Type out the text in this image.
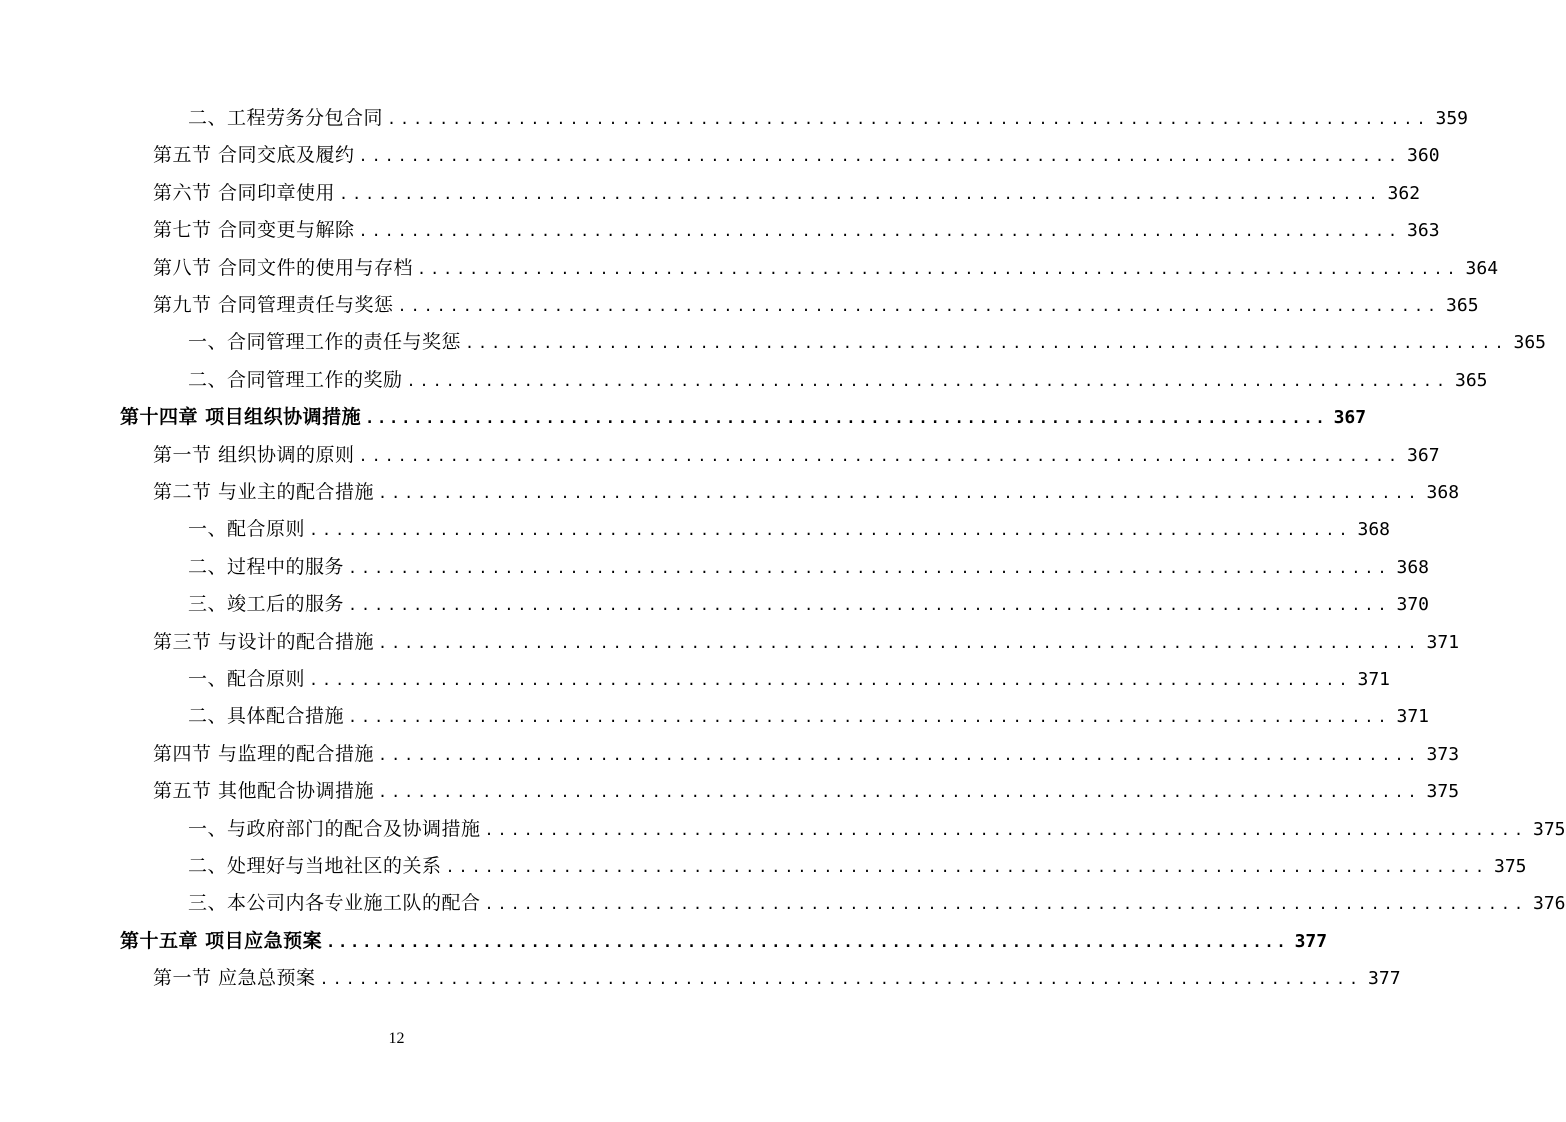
二、工程劳务分包合同 ................................................................................ 359
第五节 合同交底及履约 ................................................................................ 360
第六节 合同印章使用 ................................................................................ 362
第七节 合同变更与解除 ................................................................................ 363
第八节 合同文件的使用与存档 ................................................................................ 364
第九节 合同管理责任与奖惩 ................................................................................ 365
一、合同管理工作的责任与奖惩 ................................................................................ 365
二、合同管理工作的奖励 ................................................................................ 365
第十四章 项目组织协调措施 ................................................................................ 367
第一节 组织协调的原则 ................................................................................ 367
第二节 与业主的配合措施 ................................................................................ 368
一、配合原则 ................................................................................ 368
二、过程中的服务 ................................................................................ 368
三、竣工后的服务 ................................................................................ 370
第三节 与设计的配合措施 ................................................................................ 371
一、配合原则 ................................................................................ 371
二、具体配合措施 ................................................................................ 371
第四节 与监理的配合措施 ................................................................................ 373
第五节 其他配合协调措施 ................................................................................ 375
一、与政府部门的配合及协调措施 ................................................................................ 375
二、处理好与当地社区的关系 ................................................................................ 375
三、本公司内各专业施工队的配合 ................................................................................ 376
第十五章 项目应急预案 ................................................................................ 377
第一节 应急总预案 ................................................................................ 377
12
